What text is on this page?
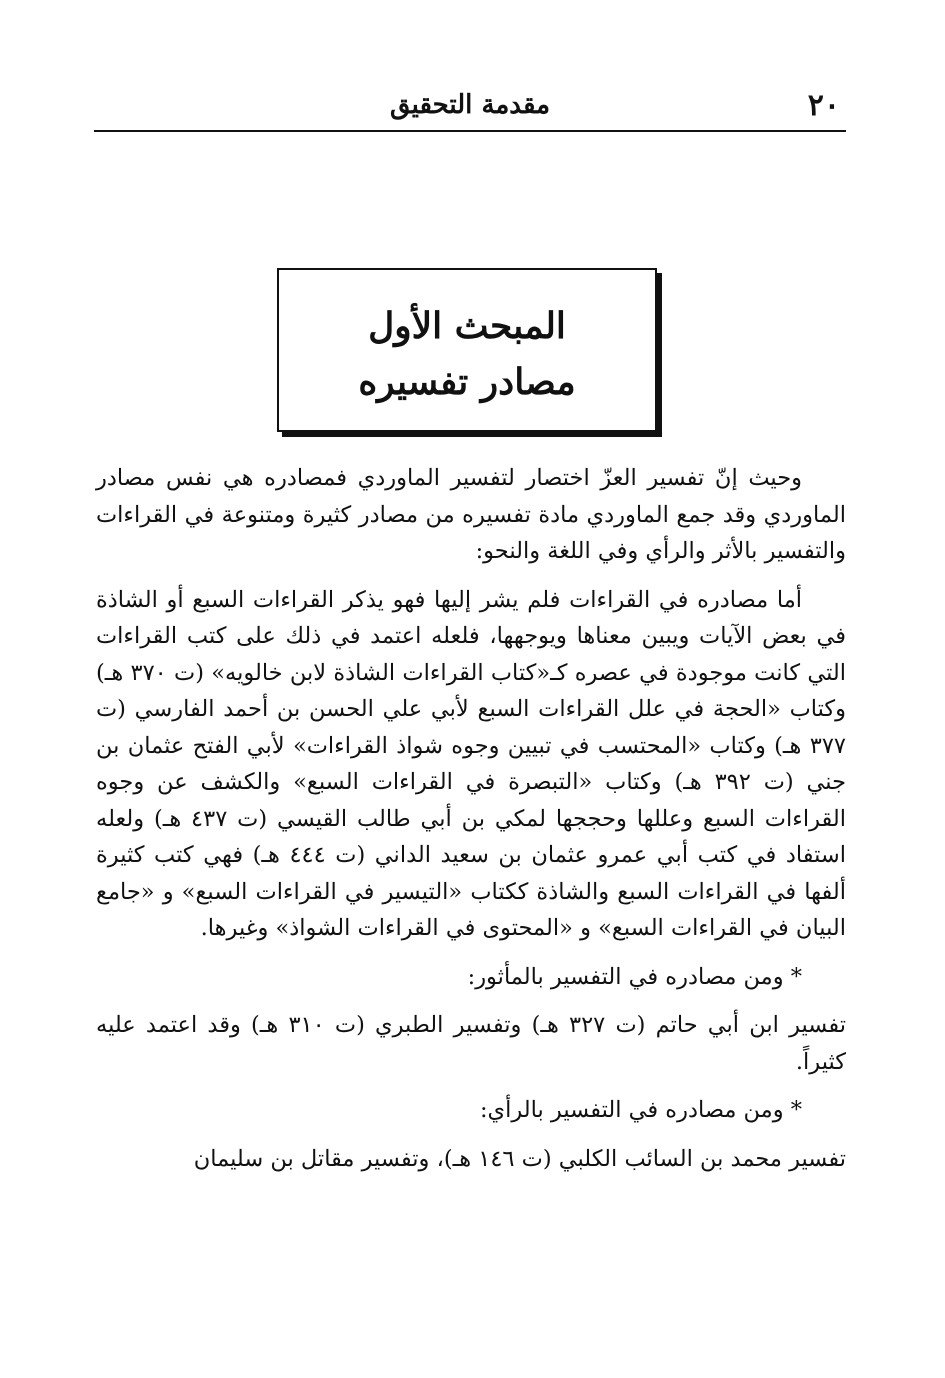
٢٠
مقدمة التحقيق
المبحث الأول
مصادر تفسيره

وحيث إنّ تفسير العزّ اختصار لتفسير الماوردي فمصادره هي نفس مصادر الماوردي وقد جمع الماوردي مادة تفسيره من مصادر كثيرة ومتنوعة في القراءات والتفسير بالأثر والرأي وفي اللغة والنحو:

أما مصادره في القراءات فلم يشر إليها فهو يذكر القراءات السبع أو الشاذة في بعض الآيات ويبين معناها ويوجهها، فلعله اعتمد في ذلك على كتب القراءات التي كانت موجودة في عصره كـ«كتاب القراءات الشاذة لابن خالويه» (ت ٣٧٠ هـ) وكتاب «الحجة في علل القراءات السبع لأبي علي الحسن بن أحمد الفارسي (ت ٣٧٧ هـ) وكتاب «المحتسب في تبيين وجوه شواذ القراءات» لأبي الفتح عثمان بن جني (ت ٣٩٢ هـ) وكتاب «التبصرة في القراءات السبع» والكشف عن وجوه القراءات السبع وعللها وحججها لمكي بن أبي طالب القيسي (ت ٤٣٧ هـ) ولعله استفاد في كتب أبي عمرو عثمان بن سعيد الداني (ت ٤٤٤ هـ) فهي كتب كثيرة ألفها في القراءات السبع والشاذة ككتاب «التيسير في القراءات السبع» و «جامع البيان في القراءات السبع» و «المحتوى في القراءات الشواذ» وغيرها.

* ومن مصادره في التفسير بالمأثور:

تفسير ابن أبي حاتم (ت ٣٢٧ هـ) وتفسير الطبري (ت ٣١٠ هـ) وقد اعتمد عليه كثيراً.

* ومن مصادره في التفسير بالرأي:

تفسير محمد بن السائب الكلبي (ت ١٤٦ هـ)، وتفسير مقاتل بن سليمان
